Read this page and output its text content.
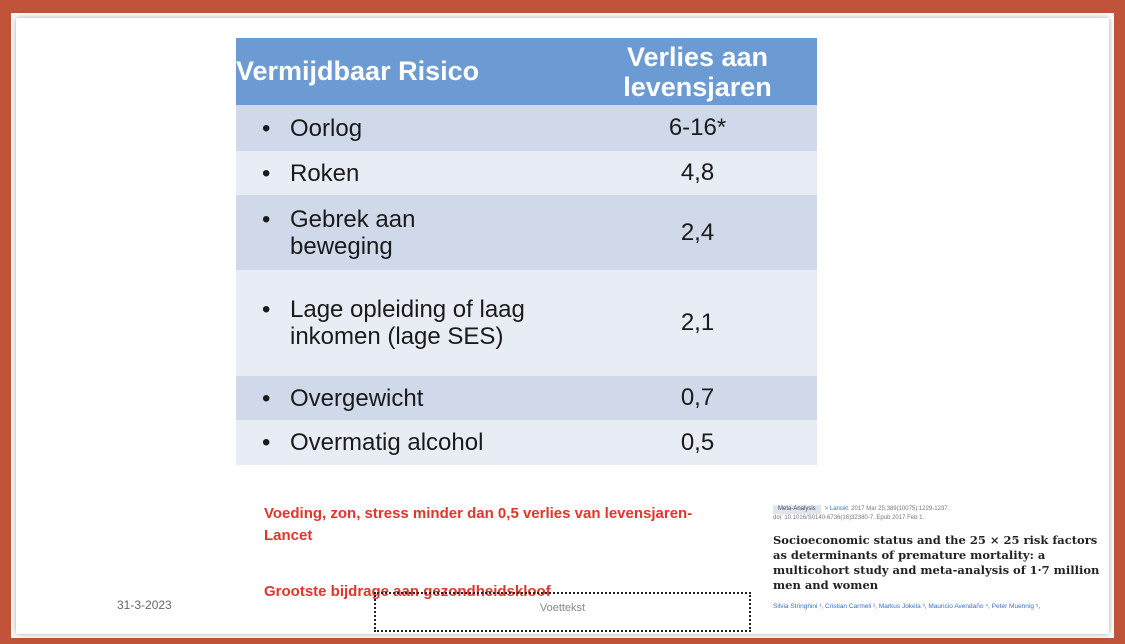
Vermijdbaar Risico	Verlies aan levensjaren

• Oorlog	6-16*

• Roken	4,8

• Gebrek aan beweging	2,4

• Lage opleiding of laag inkomen (lage SES)	2,1

• Overgewicht	0,7

• Overmatig alcohol	0,5
Voeding, zon, stress minder dan 0,5 verlies van levensjaren-
Lancet
Grootste bijdrage aan gezondheidskloof
31-3-2023	Voettekst
Meta-Analysis > Lancet. 2017 Mar 25;389(10075):1229-1237.
doi: 10.1016/S0140-6736(16)32380-7. Epub 2017 Feb 1.
Socioeconomic status and the 25 × 25 risk factors as determinants of premature mortality: a multicohort study and meta-analysis of 1·7 million men and women
Silvia Stringhini ¹, Cristian Carmeli ², Markus Jokela ³, Mauricio Avendaño ⁴, Peter Muennig ⁵,
